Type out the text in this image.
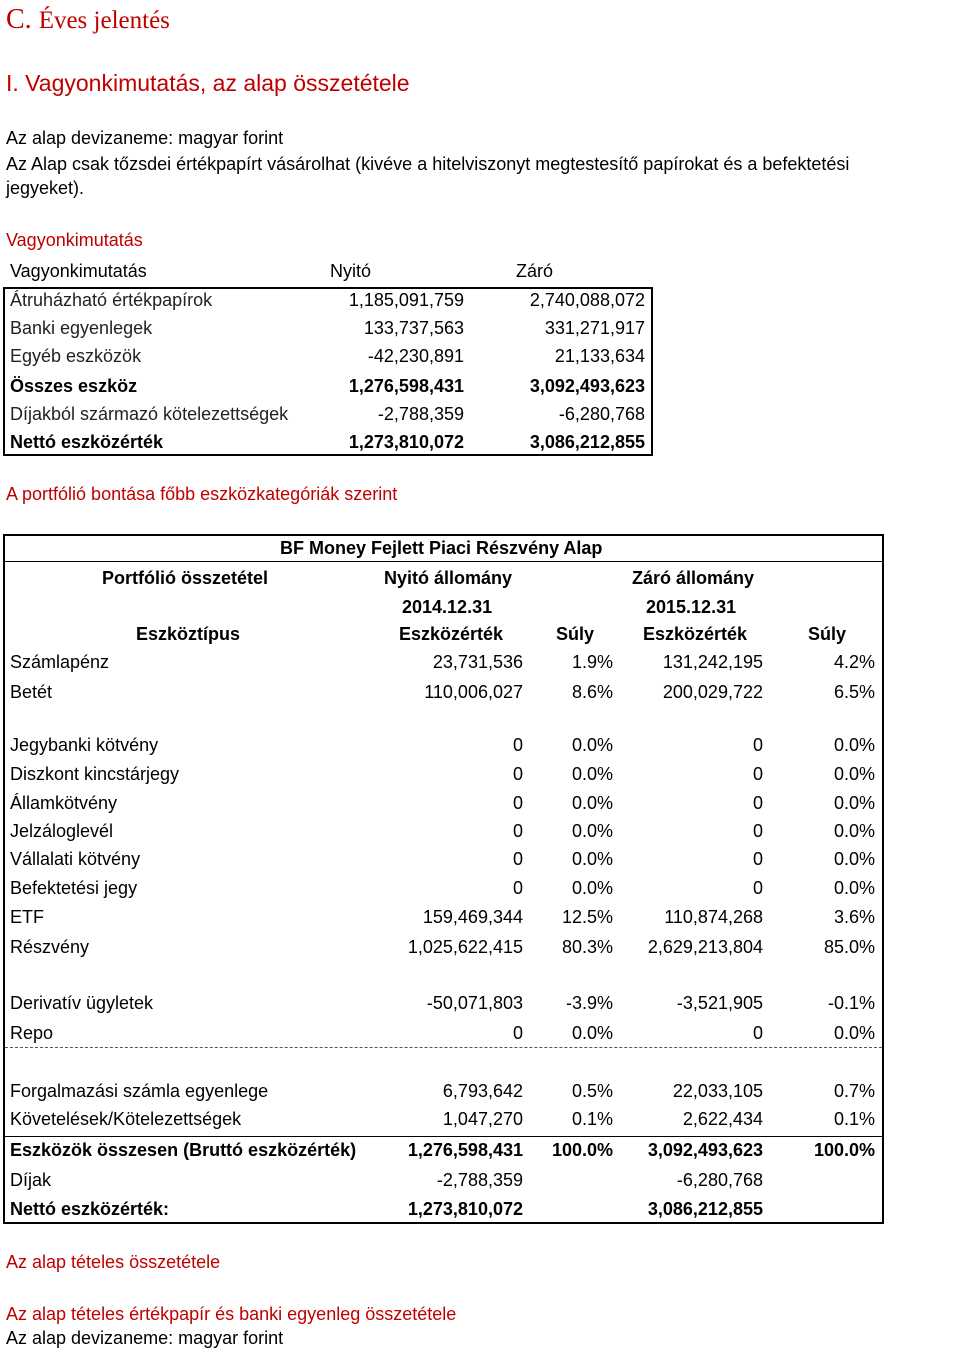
C. Éves jelentés
I. Vagyonkimutatás, az alap összetétele
Az alap devizaneme: magyar forint
Az Alap csak tőzsdei értékpapírt vásárolhat (kivéve a hitelviszonyt megtestesítő papírokat és a befektetési
jegyeket).
Vagyonkimutatás
Vagyonkimutatás	Nyitó	Záró
Átruházható értékpapírok	1,185,091,759	2,740,088,072
Banki egyenlegek	133,737,563	331,271,917
Egyéb eszközök	-42,230,891	21,133,634
Összes eszköz	1,276,598,431	3,092,493,623
Díjakból származó kötelezettségek	-2,788,359	-6,280,768
Nettó eszközérték	1,273,810,072	3,086,212,855
A portfólió bontása főbb eszközkategóriák szerint
BF Money Fejlett Piaci Részvény Alap
Portfólió összetétel	Nyitó állomány	Záró állomány
2014.12.31	2015.12.31
Eszköztípus	Eszközérték	Súly	Eszközérték	Súly
Számlapénz	23,731,536	1.9%	131,242,195	4.2%
Betét	110,006,027	8.6%	200,029,722	6.5%
Jegybanki kötvény	0	0.0%	0	0.0%
Diszkont kincstárjegy	0	0.0%	0	0.0%
Államkötvény	0	0.0%	0	0.0%
Jelzáloglevél	0	0.0%	0	0.0%
Vállalati kötvény	0	0.0%	0	0.0%
Befektetési jegy	0	0.0%	0	0.0%
ETF	159,469,344	12.5%	110,874,268	3.6%
Részvény	1,025,622,415	80.3%	2,629,213,804	85.0%
Derivatív ügyletek	-50,071,803	-3.9%	-3,521,905	-0.1%
Repo	0	0.0%	0	0.0%
Forgalmazási számla egyenlege	6,793,642	0.5%	22,033,105	0.7%
Követelések/Kötelezettségek	1,047,270	0.1%	2,622,434	0.1%
Eszközök összesen (Bruttó eszközérték)	1,276,598,431	100.0%	3,092,493,623	100.0%
Díjak	-2,788,359	-6,280,768
Nettó eszközérték:	1,273,810,072	3,086,212,855
Az alap tételes összetétele
Az alap tételes értékpapír és banki egyenleg összetétele
Az alap devizaneme: magyar forint
